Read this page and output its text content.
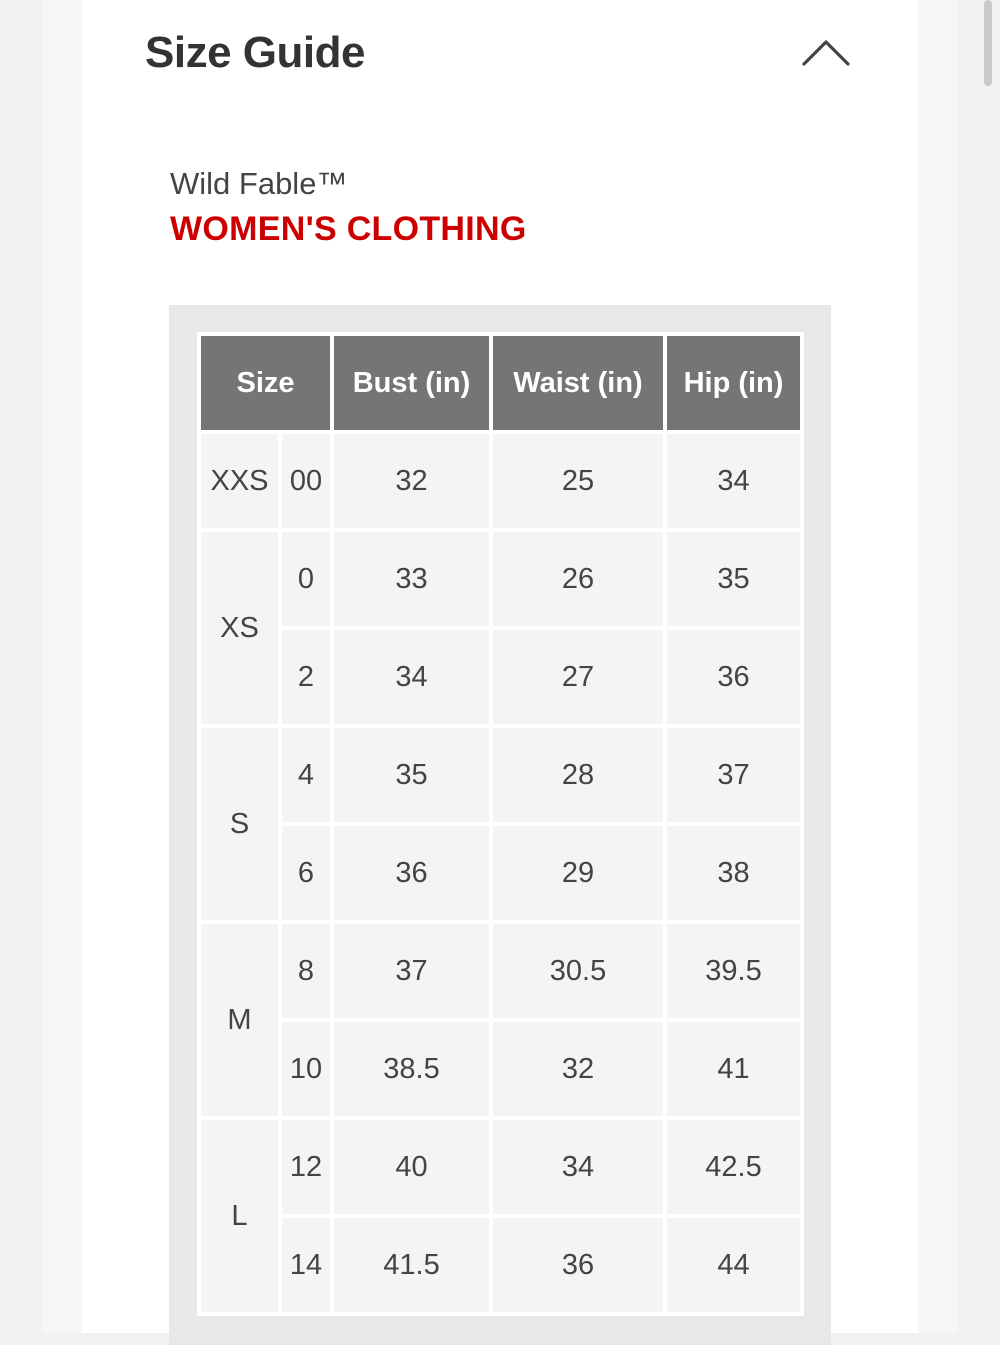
Size Guide
Wild Fable™
WOMEN'S CLOTHING
Size		Bust (in)	Waist (in)	Hip (in)
XXS	00	32	25	34
XS	0	33	26	35
	2	34	27	36
S	4	35	28	37
	6	36	29	38
M	8	37	30.5	39.5
	10	38.5	32	41
L	12	40	34	42.5
	14	41.5	36	44
